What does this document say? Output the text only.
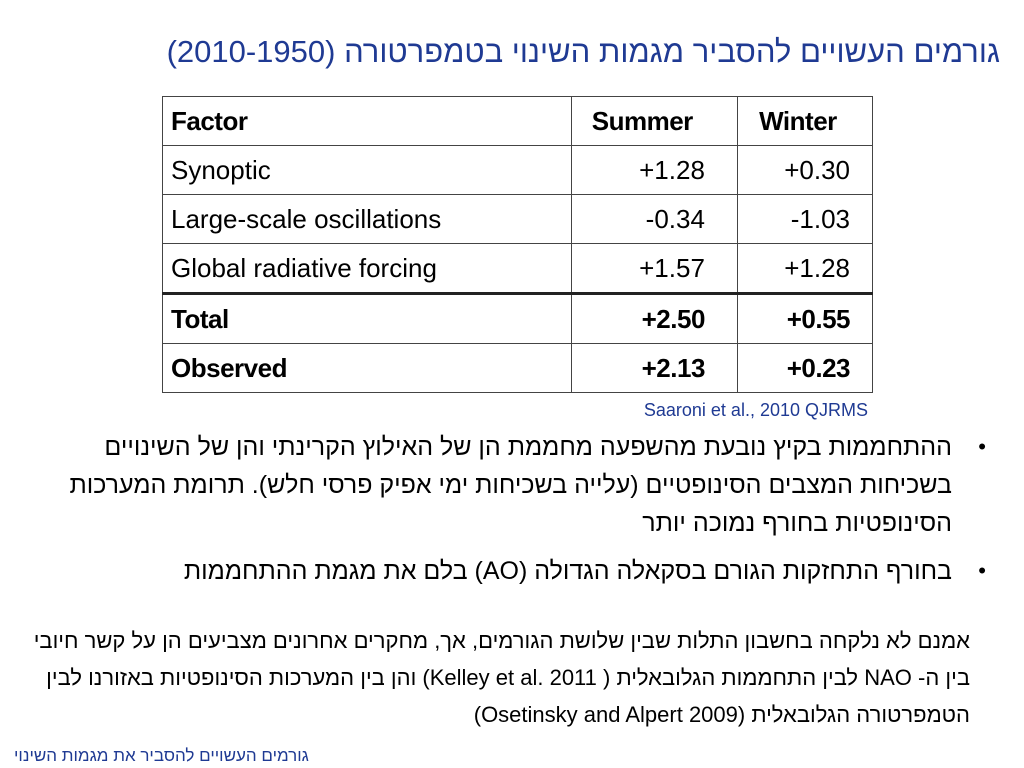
גורמים העשויים להסביר מגמות השינוי בטמפרטורה (2010-1950)
Factor	Summer	Winter
Synoptic	+1.28	+0.30
Large-scale oscillations	-0.34	-1.03
Global radiative forcing	+1.57	+1.28
Total	+2.50	+0.55
Observed	+2.13	+0.23
Saaroni et al., 2010 QJRMS
•
ההתחממות בקיץ נובעת מהשפעה מחממת הן של האילוץ הקרינתי והן של השינויים בשכיחות המצבים הסינופטיים (עלייה בשכיחות ימי אפיק פרסי חלש). תרומת המערכות הסינופטיות בחורף נמוכה יותר
•
בחורף התחזקות הגורם בסקאלה הגדולה (AO) בלם את מגמת ההתחממות
אמנם לא נלקחה בחשבון התלות שבין שלושת הגורמים, אך, מחקרים אחרונים מצביעים הן על קשר חיובי בין ה- NAO לבין התחממות הגלובאלית ( Kelley et al. 2011) והן בין המערכות הסינופטיות באזורנו לבין הטמפרטורה הגלובאלית (Osetinsky and Alpert 2009)
גורמים העשויים להסביר את מגמות השינוי
